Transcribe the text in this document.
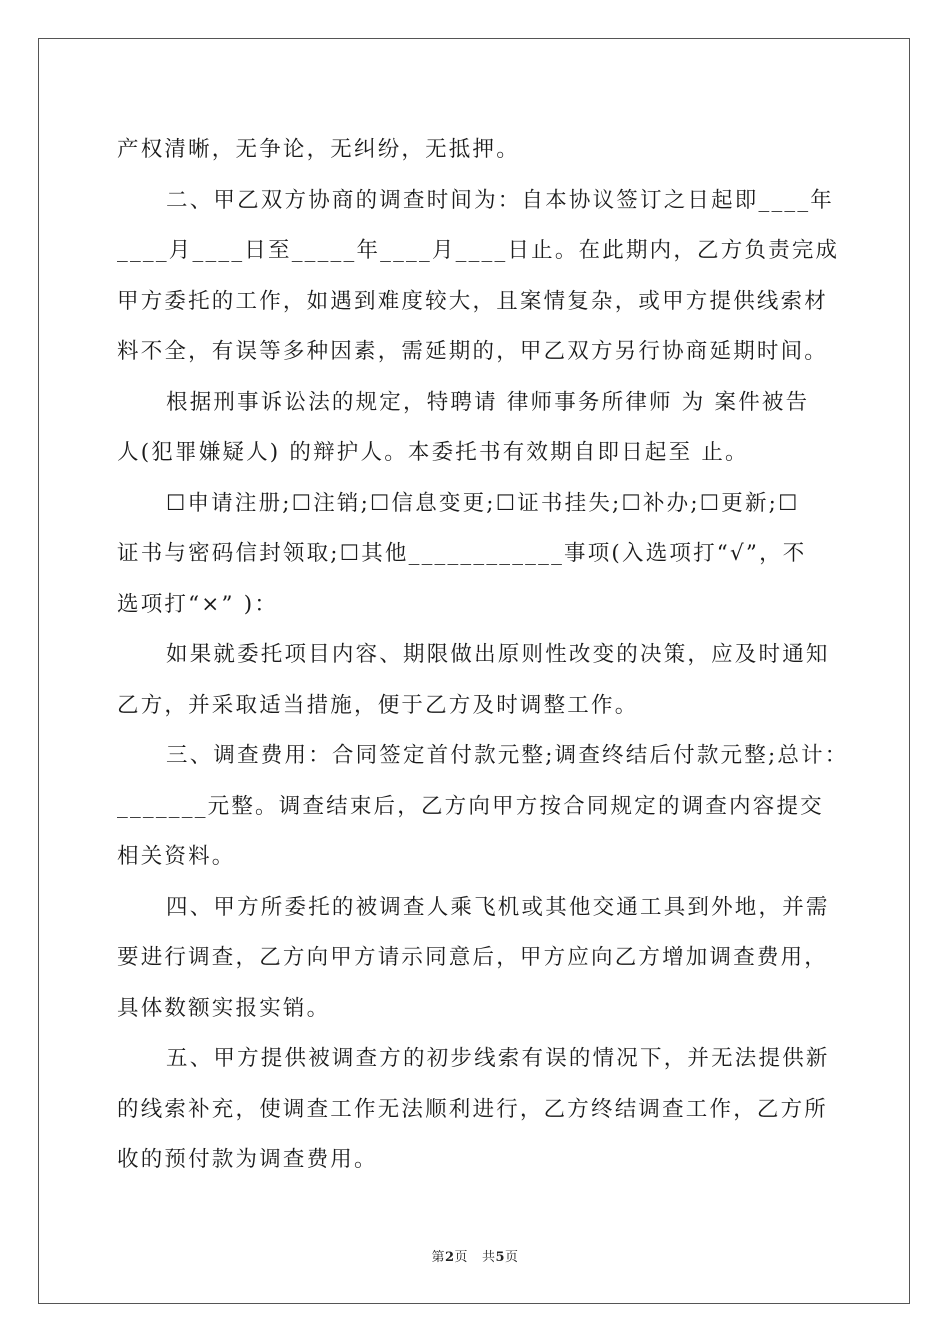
产权清晰，无争论，无纠纷，无抵押。
二、甲乙双方协商的调查时间为：自本协议签订之日起即____年
____月____日至_____年____月____日止。在此期内，乙方负责完成
甲方委托的工作，如遇到难度较大，且案情复杂，或甲方提供线索材
料不全，有误等多种因素，需延期的，甲乙双方另行协商延期时间。
根据刑事诉讼法的规定，特聘请 律师事务所律师 为 案件被告
人(犯罪嫌疑人) 的辩护人。本委托书有效期自即日起至 止。
☐申请注册;☐注销;☐信息变更;☐证书挂失;☐补办;☐更新;☐
证书与密码信封领取;☐其他____________事项(入选项打“√”，不
选项打“×” )：
如果就委托项目内容、期限做出原则性改变的决策，应及时通知
乙方，并采取适当措施，便于乙方及时调整工作。
三、调查费用：合同签定首付款元整;调查终结后付款元整;总计：
_______元整。调查结束后，乙方向甲方按合同规定的调查内容提交
相关资料。
四、甲方所委托的被调查人乘飞机或其他交通工具到外地，并需
要进行调查，乙方向甲方请示同意后，甲方应向乙方增加调查费用，
具体数额实报实销。
五、甲方提供被调查方的初步线索有误的情况下，并无法提供新
的线索补充，使调查工作无法顺利进行，乙方终结调查工作，乙方所
收的预付款为调查费用。
第2页 共5页
